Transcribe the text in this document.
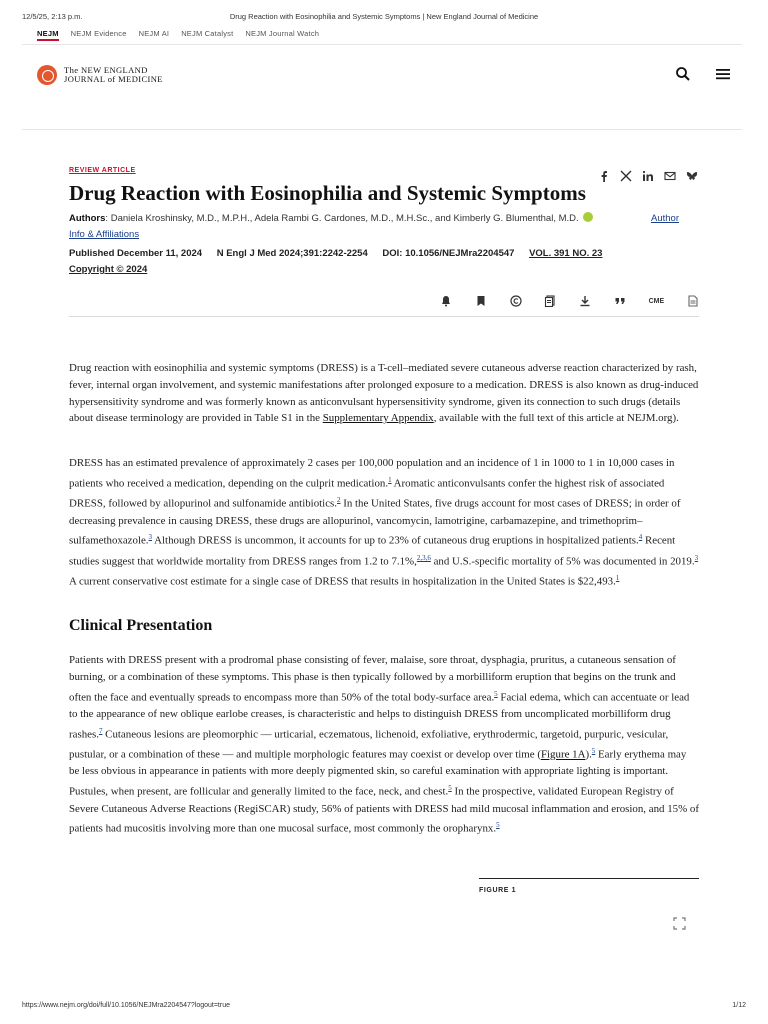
12/5/25, 2:13 p.m.	Drug Reaction with Eosinophilia and Systemic Symptoms | New England Journal of Medicine
NEJM NEJM Evidence NEJM AI NEJM Catalyst NEJM Journal Watch
The NEW ENGLAND
JOURNAL of MEDICINE
REVIEW ARTICLE
Drug Reaction with Eosinophilia and Systemic Symptoms
Authors: Daniela Kroshinsky, M.D., M.P.H., Adela Rambi G. Cardones, M.D., M.H.Sc., and Kimberly G. Blumenthal, M.D.	Author

Info & Affiliations
Published December 11, 2024 N Engl J Med 2024;391:2242-2254 DOI: 10.1056/NEJMra2204547 VOL. 391 NO. 23
Copyright © 2024
CME

Drug reaction with eosinophilia and systemic symptoms (DRESS) is a T-cell–mediated severe cutaneous adverse reaction characterized by rash, fever, internal organ involvement, and systemic manifestations after prolonged exposure to a medication. DRESS is also known as drug-induced hypersensitivity syndrome and was formerly known as anticonvulsant hypersensitivity syndrome, given its connection to such drugs (details about disease terminology are provided in Table S1 in the Supplementary Appendix, available with the full text of this article at NEJM.org).

DRESS has an estimated prevalence of approximately 2 cases per 100,000 population and an incidence of 1 in 1000 to 1 in 10,000 cases in patients who received a medication, depending on the culprit medication.$^1$ Aromatic anticonvulsants confer the highest risk of associated DRESS, followed by allopurinol and sulfonamide antibiotics.$^2$ In the United States, five drugs account for most cases of DRESS; in order of decreasing prevalence in causing DRESS, these drugs are allopurinol, vancomycin, lamotrigine, carbamazepine, and trimethoprim–sulfamethoxazole.$^3$ Although DRESS is uncommon, it accounts for up to 23% of cutaneous drug eruptions in hospitalized patients.$^4$ Recent studies suggest that worldwide mortality from DRESS ranges from 1.2 to 7.1%,$^{2,3,6}$ and U.S.-specific mortality of 5% was documented in 2019.$^3$ A current conservative cost estimate for a single case of DRESS that results in hospitalization in the United States is $22,493.$^1$

Clinical Presentation

Patients with DRESS present with a prodromal phase consisting of fever, malaise, sore throat, dysphagia, pruritus, a cutaneous sensation of burning, or a combination of these symptoms. This phase is then typically followed by a morbilliform eruption that begins on the trunk and often the face and eventually spreads to encompass more than 50% of the total body-surface area.$^5$ Facial edema, which can accentuate or lead to the appearance of new oblique earlobe creases, is characteristic and helps to distinguish DRESS from uncomplicated morbilliform drug rashes.$^7$ Cutaneous lesions are pleomorphic — urticarial, eczematous, lichenoid, exfoliative, erythrodermic, targetoid, purpuric, vesicular, pustular, or a combination of these — and multiple morphologic features may coexist or develop over time (Figure 1A).$^5$ Early erythema may be less obvious in appearance in patients with more deeply pigmented skin, so careful examination with appropriate lighting is important. Pustules, when present, are follicular and generally limited to the face, neck, and chest.$^5$ In the prospective, validated European Registry of Severe Cutaneous Adverse Reactions (RegiSCAR) study, 56% of patients with DRESS had mild mucosal inflammation and erosion, and 15% of patients had mucositis involving more than one mucosal surface, most commonly the oropharynx.$^5$

FIGURE 1
https://www.nejm.org/doi/full/10.1056/NEJMra2204547?logout=true	1/12
